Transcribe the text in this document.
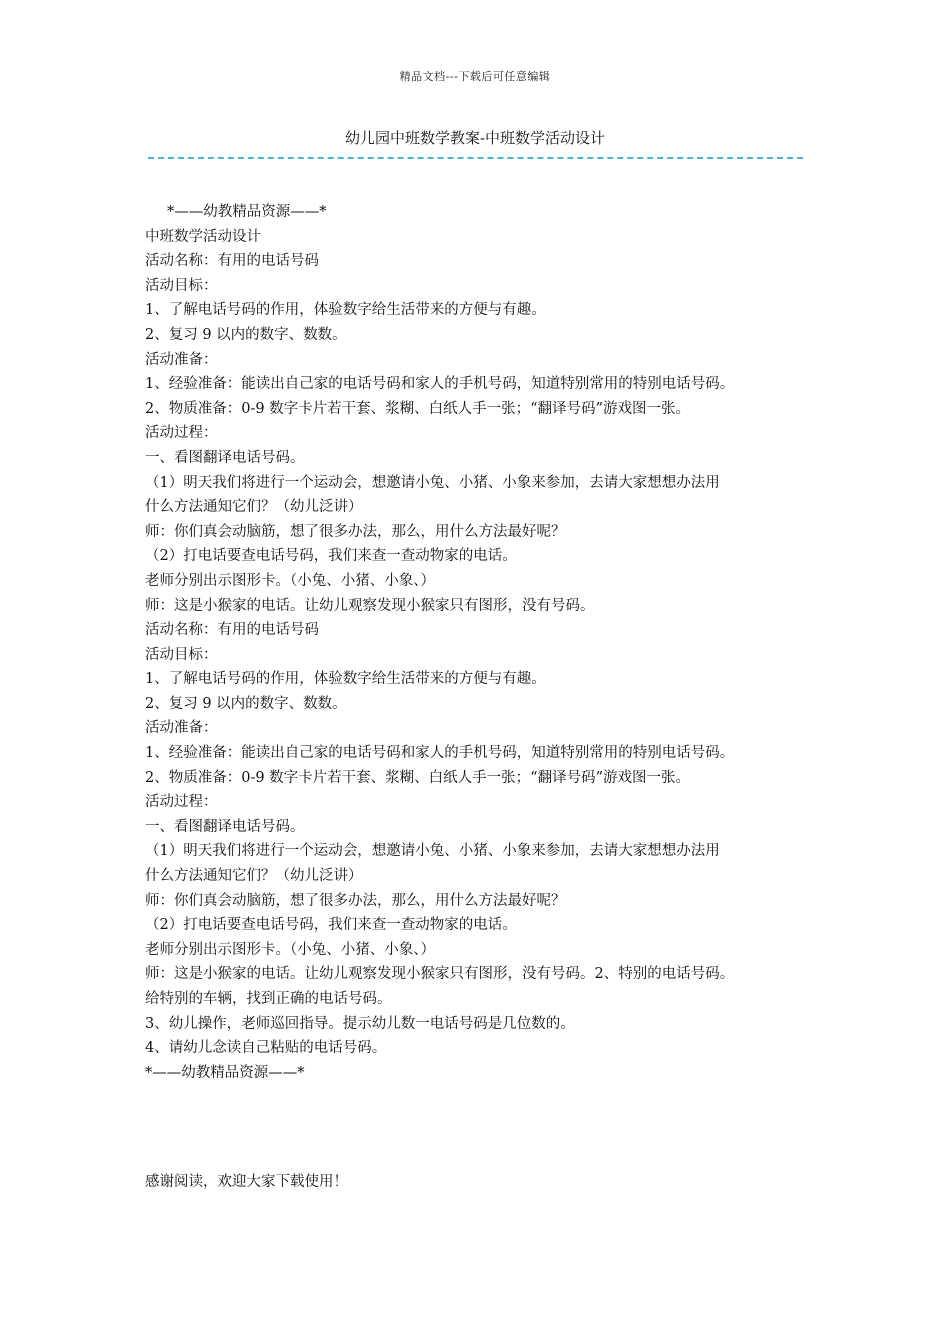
精品文档---下载后可任意编辑
幼儿园中班数学教案-中班数学活动设计
*——幼教精品资源——*
中班数学活动设计
活动名称：有用的电话号码
活动目标：
1、了解电话号码的作用，体验数字给生活带来的方便与有趣。
2、复习 9 以内的数字、数数。
活动准备：
1、经验准备：能读出自己家的电话号码和家人的手机号码，知道特别常用的特别电话号码。
2、物质准备：0-9 数字卡片若干套、浆糊、白纸人手一张；“翻译号码”游戏图一张。
活动过程：
一、看图翻译电话号码。
（1）明天我们将进行一个运动会，想邀请小兔、小猪、小象来参加，去请大家想想办法用
什么方法通知它们？（幼儿泛讲）
师：你们真会动脑筋，想了很多办法，那么，用什么方法最好呢？
（2）打电话要查电话号码，我们来查一查动物家的电话。
老师分别出示图形卡。（小兔、小猪、小象、）
师：这是小猴家的电话。让幼儿观察发现小猴家只有图形，没有号码。
活动名称：有用的电话号码
活动目标：
1、了解电话号码的作用，体验数字给生活带来的方便与有趣。
2、复习 9 以内的数字、数数。
活动准备：
1、经验准备：能读出自己家的电话号码和家人的手机号码，知道特别常用的特别电话号码。
2、物质准备：0-9 数字卡片若干套、浆糊、白纸人手一张；“翻译号码”游戏图一张。
活动过程：
一、看图翻译电话号码。
（1）明天我们将进行一个运动会，想邀请小兔、小猪、小象来参加，去请大家想想办法用
什么方法通知它们？（幼儿泛讲）
师：你们真会动脑筋，想了很多办法，那么，用什么方法最好呢？
（2）打电话要查电话号码，我们来查一查动物家的电话。
老师分别出示图形卡。（小兔、小猪、小象、）
师：这是小猴家的电话。让幼儿观察发现小猴家只有图形，没有号码。2、特别的电话号码。
给特别的车辆，找到正确的电话号码。
3、幼儿操作，老师巡回指导。提示幼儿数一电话号码是几位数的。
4、请幼儿念读自己粘贴的电话号码。
*——幼教精品资源——*
感谢阅读，欢迎大家下载使用！
